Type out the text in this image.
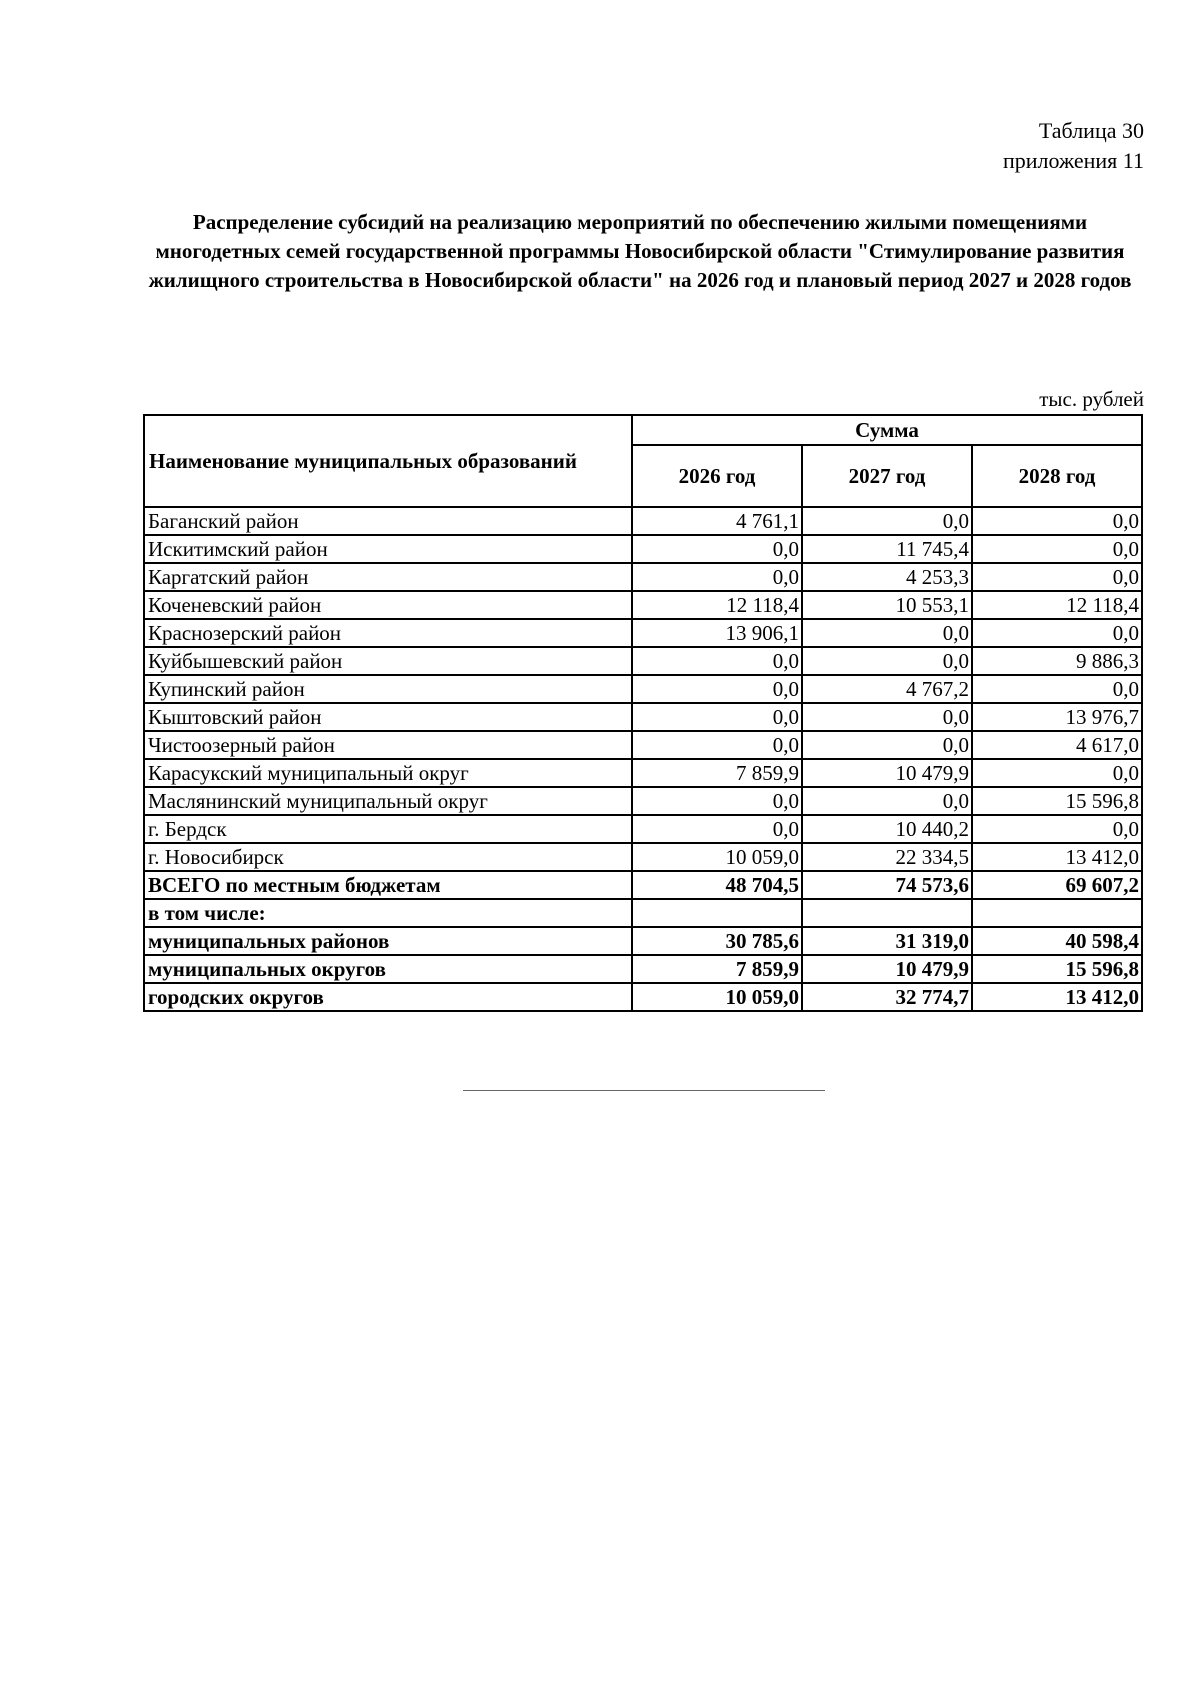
Таблица 30
приложения 11
Распределение субсидий на реализацию мероприятий по обеспечению жилыми помещениями многодетных семей государственной программы Новосибирской области "Стимулирование развития жилищного строительства в Новосибирской области" на 2026 год и плановый период 2027 и 2028 годов
тыс. рублей
Наименование муниципальных образований	Сумма		
	2026 год	2027 год	2028 год
Баганский район	4 761,1	0,0	0,0
Искитимский район	0,0	11 745,4	0,0
Каргатский район	0,0	4 253,3	0,0
Коченевский район	12 118,4	10 553,1	12 118,4
Краснозерский район	13 906,1	0,0	0,0
Куйбышевский район	0,0	0,0	9 886,3
Купинский район	0,0	4 767,2	0,0
Кыштовский район	0,0	0,0	13 976,7
Чистоозерный район	0,0	0,0	4 617,0
Карасукский муниципальный округ	7 859,9	10 479,9	0,0
Маслянинский муниципальный округ	0,0	0,0	15 596,8
г. Бердск	0,0	10 440,2	0,0
г. Новосибирск	10 059,0	22 334,5	13 412,0
ВСЕГО по местным бюджетам	48 704,5	74 573,6	69 607,2
в том числе:			
муниципальных районов	30 785,6	31 319,0	40 598,4
муниципальных округов	7 859,9	10 479,9	15 596,8
городских округов	10 059,0	32 774,7	13 412,0
